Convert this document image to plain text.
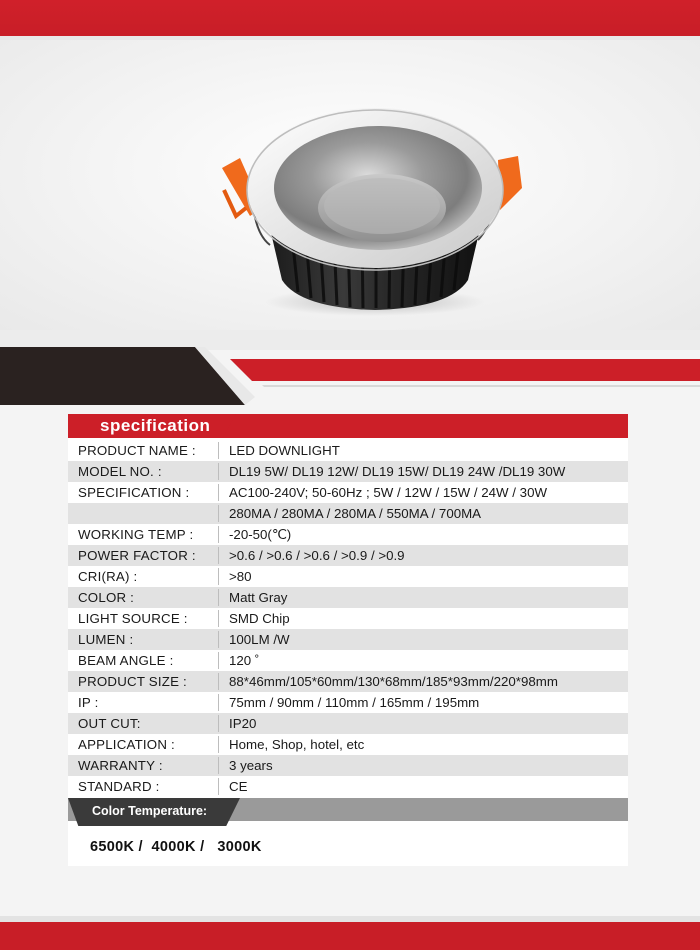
specification
PRODUCT NAME :	LED DOWNLIGHT
MODEL NO. :	DL19 5W/ DL19 12W/ DL19 15W/ DL19 24W /DL19 30W
SPECIFICATION :	AC100-240V; 50-60Hz ; 5W / 12W / 15W / 24W / 30W
280MA / 280MA / 280MA / 550MA / 700MA
WORKING TEMP :	-20-50(℃)
POWER FACTOR :	>0.6 / >0.6 / >0.6 / >0.9 / >0.9
CRI(RA) :	>80
COLOR :	Matt Gray
LIGHT SOURCE :	SMD Chip
LUMEN :	100LM /W
BEAM ANGLE :	120 ˚
PRODUCT SIZE :	88*46mm/105*60mm/130*68mm/185*93mm/220*98mm
IP :	75mm / 90mm / 110mm / 165mm / 195mm
OUT CUT:	IP20
APPLICATION :	Home, Shop, hotel, etc
WARRANTY :	3 years
STANDARD :	CE
Color Temperature:
6500K /  4000K /   3000K
